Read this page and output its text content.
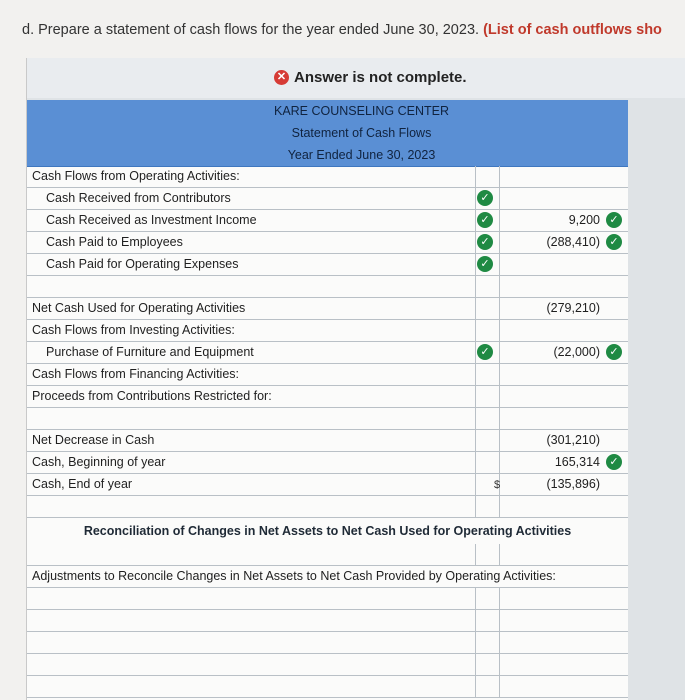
d. Prepare a statement of cash flows for the year ended June 30, 2023. (List of cash outflows sho
✕ Answer is not complete.
KARE COUNSELING CENTER
Statement of Cash Flows
Year Ended June 30, 2023
Cash Flows from Operating Activities:
Cash Received from Contributors	✓
Cash Received as Investment Income	✓	9,200 ✓
Cash Paid to Employees	✓	(288,410) ✓
Cash Paid for Operating Expenses	✓
Net Cash Used for Operating Activities	(279,210)
Cash Flows from Investing Activities:
Purchase of Furniture and Equipment	✓	(22,000) ✓
Cash Flows from Financing Activities:
Proceeds from Contributions Restricted for:
Net Decrease in Cash	(301,210)
Cash, Beginning of year	165,314 ✓
Cash, End of year	$	(135,896)
Reconciliation of Changes in Net Assets to Net Cash Used for Operating Activities
Adjustments to Reconcile Changes in Net Assets to Net Cash Provided by Operating Activities:
